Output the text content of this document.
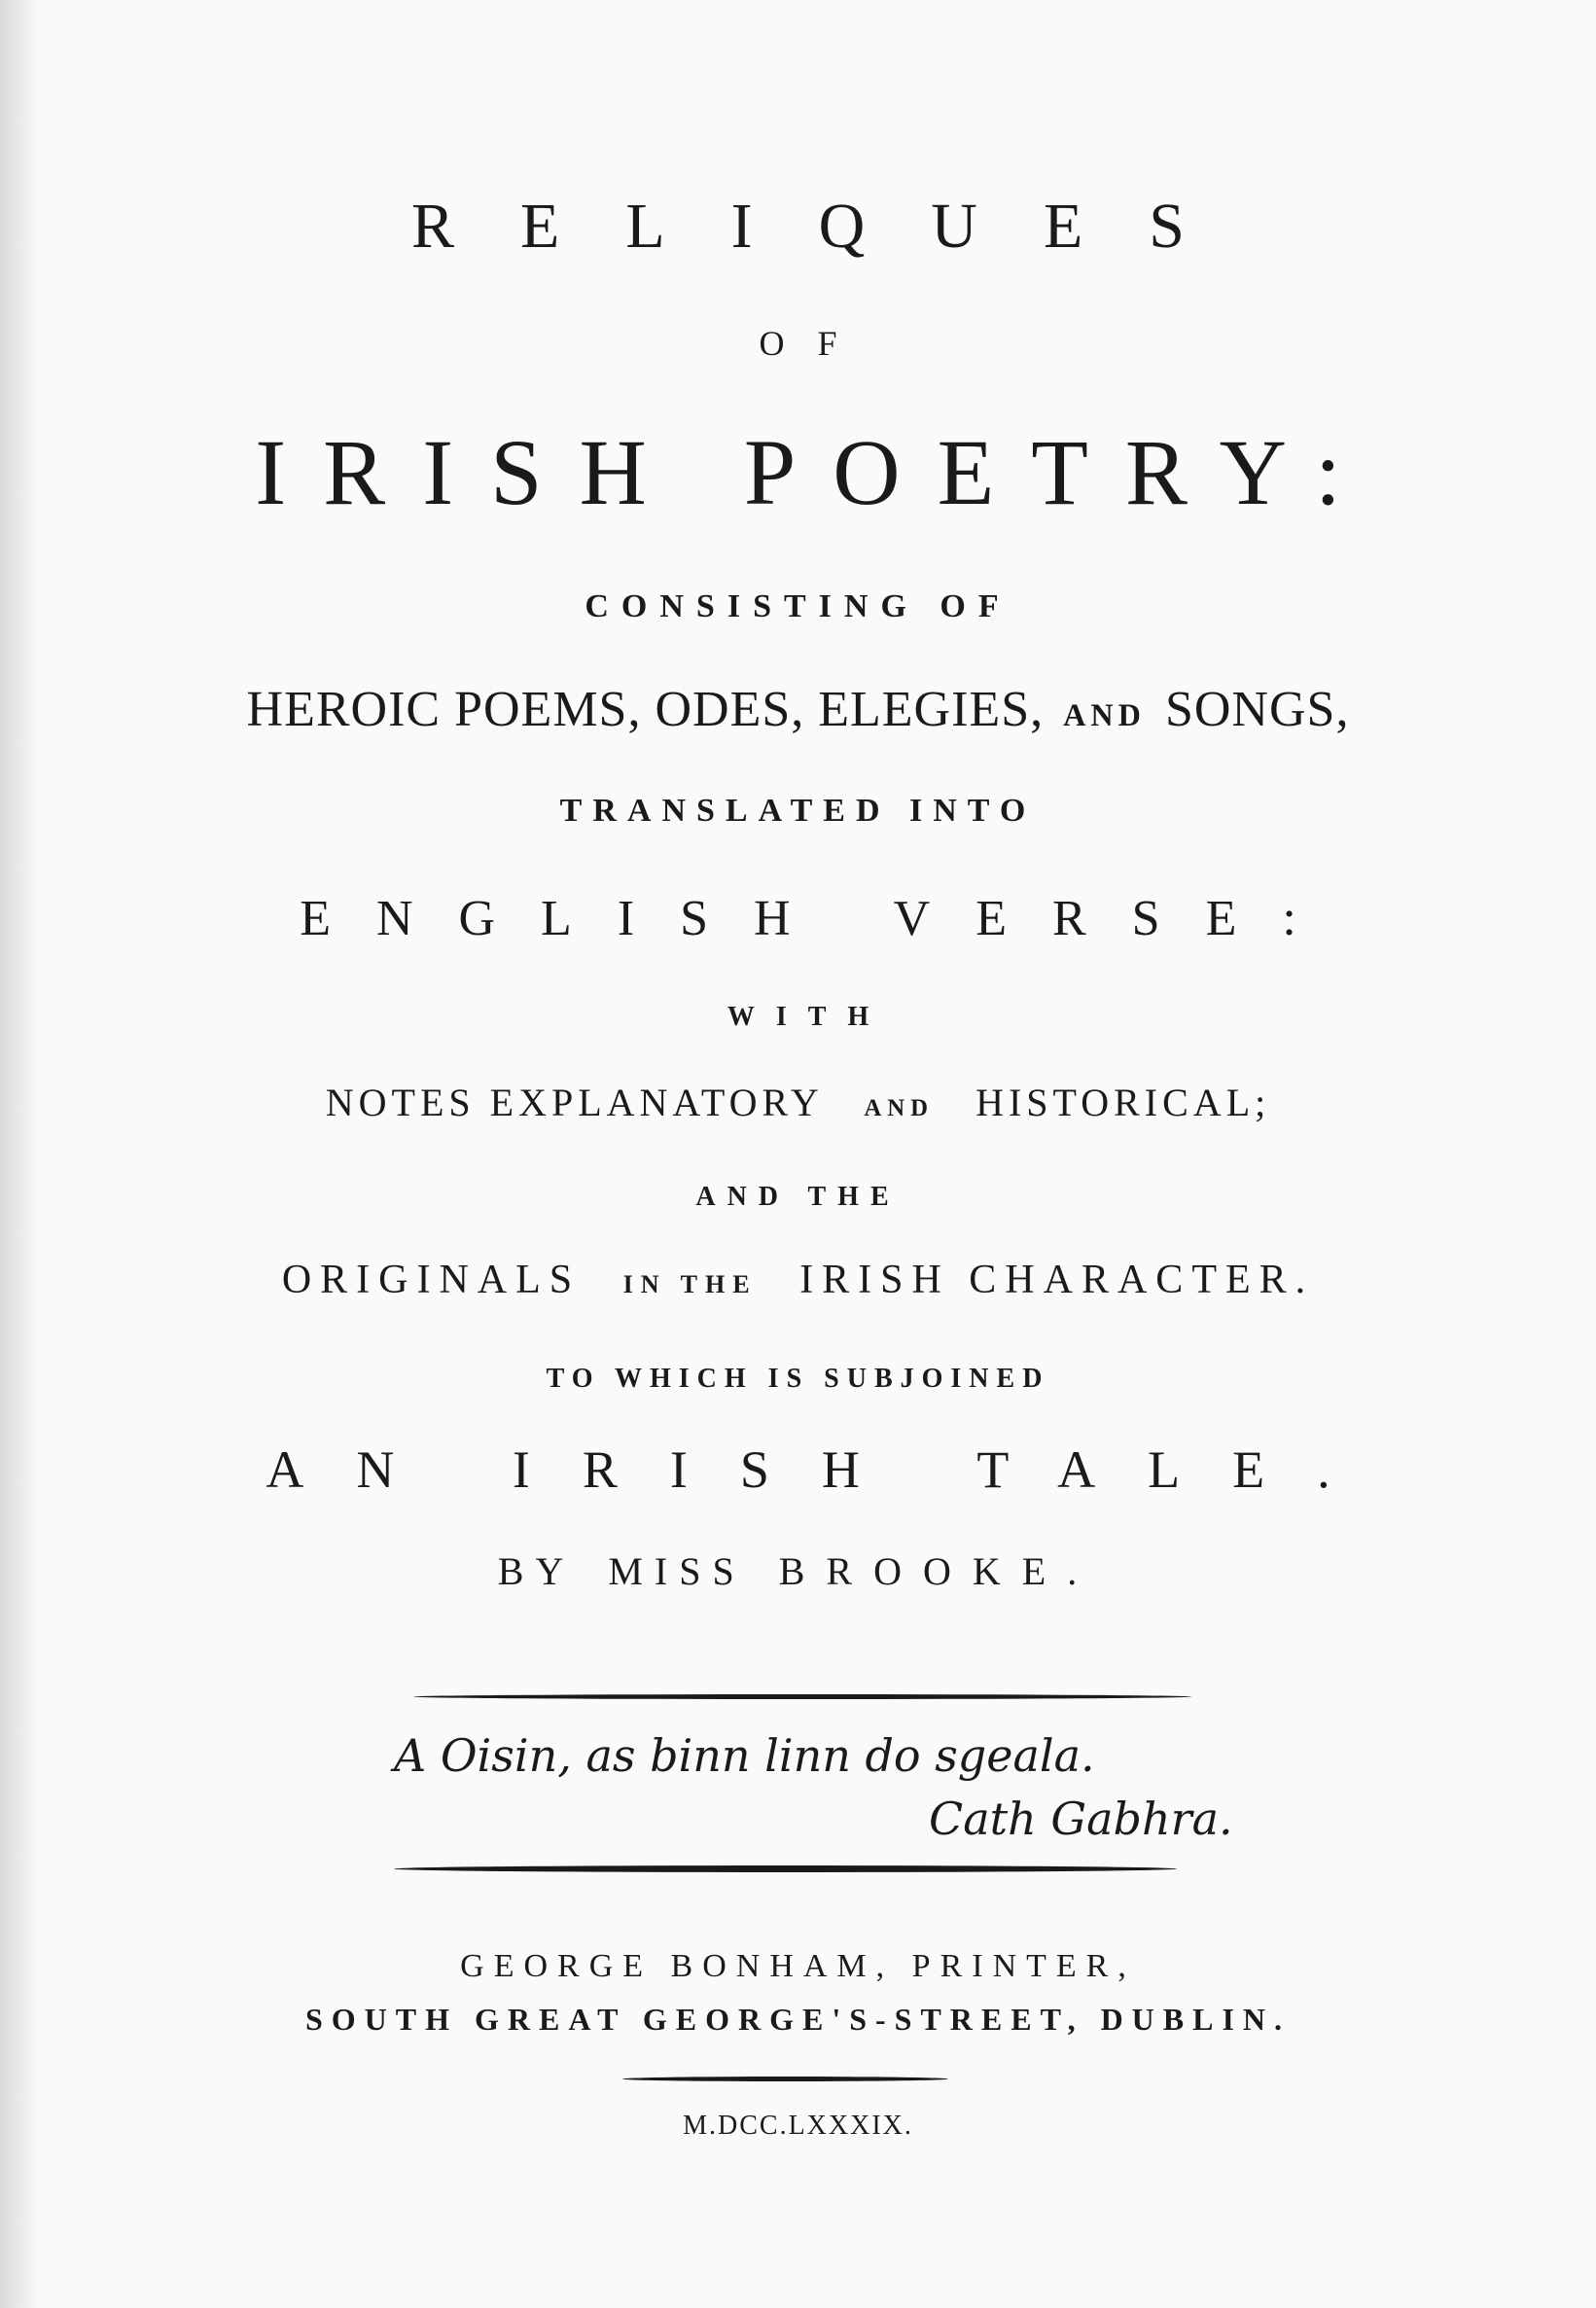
RELIQUES

OF

IRISH POETRY:

CONSISTING OF

HEROIC POEMS, ODES, ELEGIES, AND SONGS,

TRANSLATED INTO

ENGLISH VERSE:

WITH

NOTES EXPLANATORY AND HISTORICAL;

AND THE

ORIGINALS IN THE IRISH CHARACTER.

TO WHICH IS SUBJOINED

AN IRISH TALE.

BY MISS BROOKE.

A Oisin, as binn linn do sgeala.

Cath Gabhra.

GEORGE BONHAM, PRINTER,

SOUTH GREAT GEORGE'S-STREET, DUBLIN.

M.DCC.LXXXIX.
